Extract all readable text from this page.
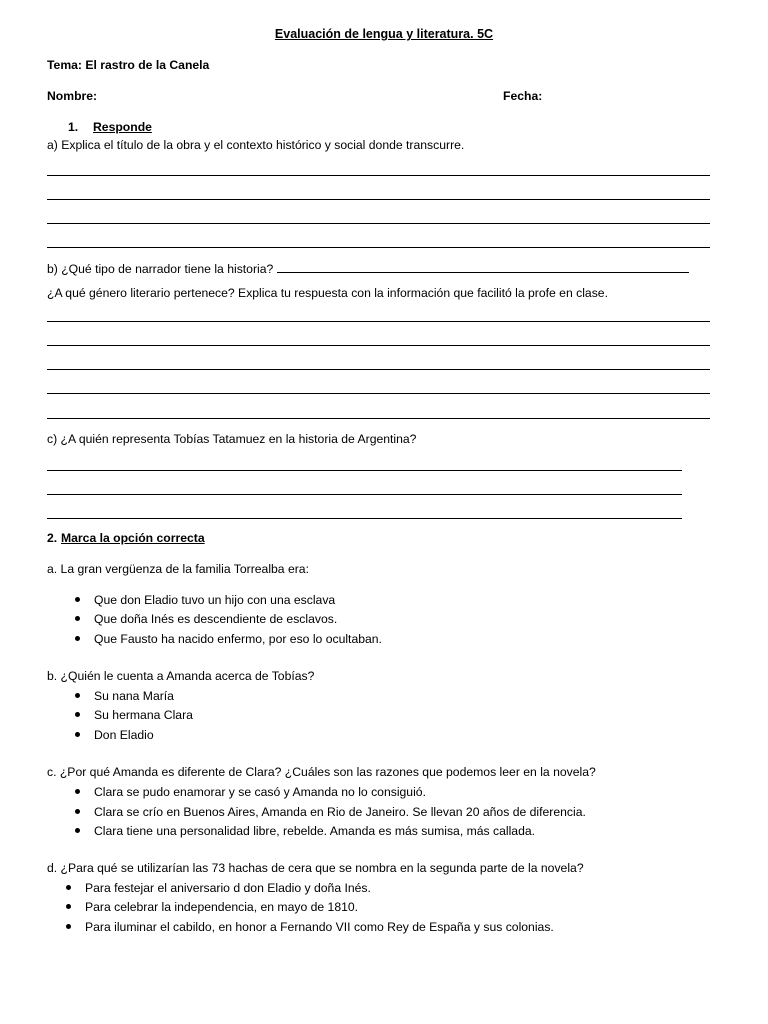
Evaluación de lengua y literatura. 5C
Tema: El rastro de la Canela
Nombre:	Fecha:
1. Responde
a) Explica el título de la obra y el contexto histórico y social donde transcurre.
b) ¿Qué tipo de narrador tiene la historia?
¿A qué género literario pertenece? Explica tu respuesta con la información que facilitó la profe en clase.
c) ¿A quién representa Tobías Tatamuez en la historia de Argentina?
2. Marca la opción correcta
a. La gran vergüenza de la familia Torrealba era:
Que don Eladio tuvo un hijo con una esclava
Que doña Inés es descendiente de esclavos.
Que Fausto ha nacido enfermo, por eso lo ocultaban.
b. ¿Quién le cuenta a Amanda acerca de Tobías?
Su nana María
Su hermana Clara
Don Eladio
c. ¿Por qué Amanda es diferente de Clara? ¿Cuáles son las razones que podemos leer en la novela?
Clara se pudo enamorar y se casó y Amanda no lo consiguió.
Clara se crío en Buenos Aires, Amanda en Rio de Janeiro. Se llevan 20 años de diferencia.
Clara tiene una personalidad libre, rebelde. Amanda es más sumisa, más callada.
d. ¿Para qué se utilizarían las 73 hachas de cera que se nombra en la segunda parte de la novela?
Para festejar el aniversario d don Eladio y doña Inés.
Para celebrar la independencia, en mayo de 1810.
Para iluminar el cabildo, en honor a Fernando VII como Rey de España y sus colonias.
